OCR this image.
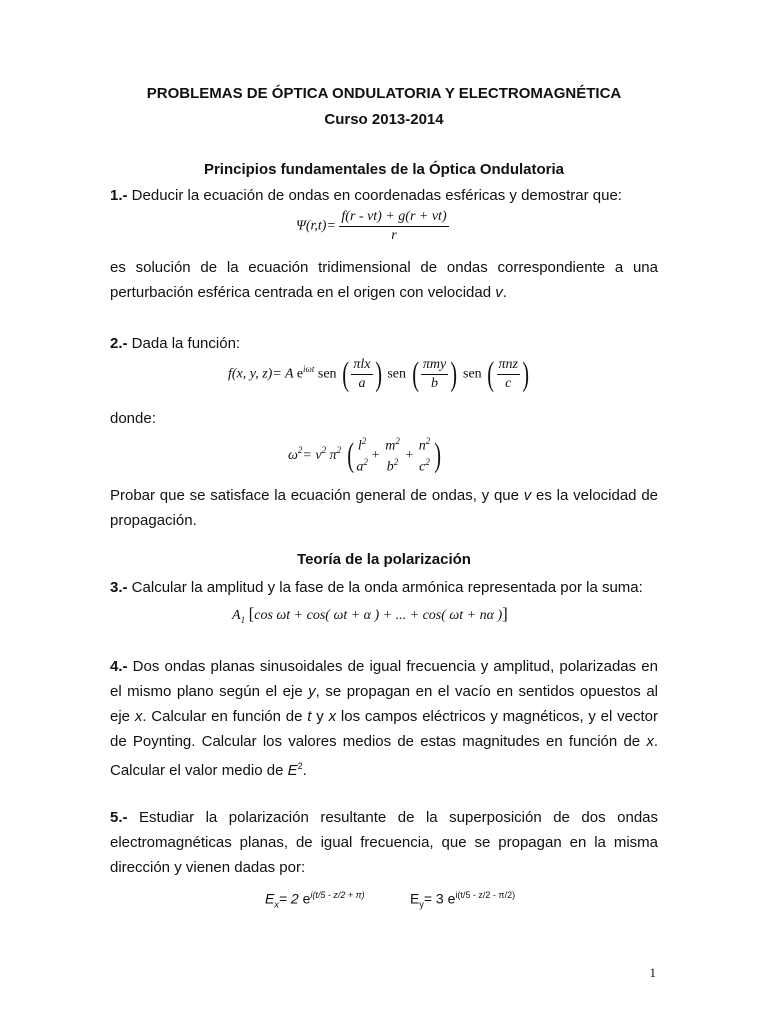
PROBLEMAS DE ÓPTICA ONDULATORIA Y ELECTROMAGNÉTICA
Curso 2013-2014
Principios fundamentales de la Óptica Ondulatoria
1.- Deducir la ecuación de ondas en coordenadas esféricas y demostrar que:
$\Psi(r,t)= \frac{f(r - vt) + g(r + vt)}{r}$
es solución de la ecuación tridimensional de ondas correspondiente a una perturbación esférica centrada en el origen con velocidad v.
2.- Dada la función:
f(x, y, z)= A $e^{i\omega t}$ sen ( $\frac{\text{πlx}}{a}$ ) sen ( $\frac{\text{πmy}}{b}$ ) sen ( $\frac{\text{πnz}}{c}$ )
donde:
$\omega^2= v^2$ $\pi^2$ ( $l^2$
$a^2$ +
$m^2$
$b^2$ +
$n^2$
$c^2$ )
Probar que se satisface la ecuación general de ondas, y que v es la velocidad de propagación.
Teoría de la polarización
3.- Calcular la amplitud y la fase de la onda armónica representada por la suma:
$A_1$ [cos ωt + cos( ωt + α ) + ... + cos( ωt + nα )]
4.- Dos ondas planas sinusoidales de igual frecuencia y amplitud, polarizadas en el mismo plano según el eje y, se propagan en el vacío en sentidos opuestos al eje x. Calcular en función de t y x los campos eléctricos y magnéticos, y el vector de Poynting. Calcular los valores medios de estas magnitudes en función de x. Calcular el valor medio de $E^2$.
5.- Estudiar la polarización resultante de la superposición de dos ondas electromagnéticas planas, de igual frecuencia, que se propagan en la misma dirección y vienen dadas por:
$E_x= 2$ $e^{i(t/5 - z/2 + \pi)}$	$E_y= 3$ $e^{i(t/5 - z/2 - \pi/2)}$
1
